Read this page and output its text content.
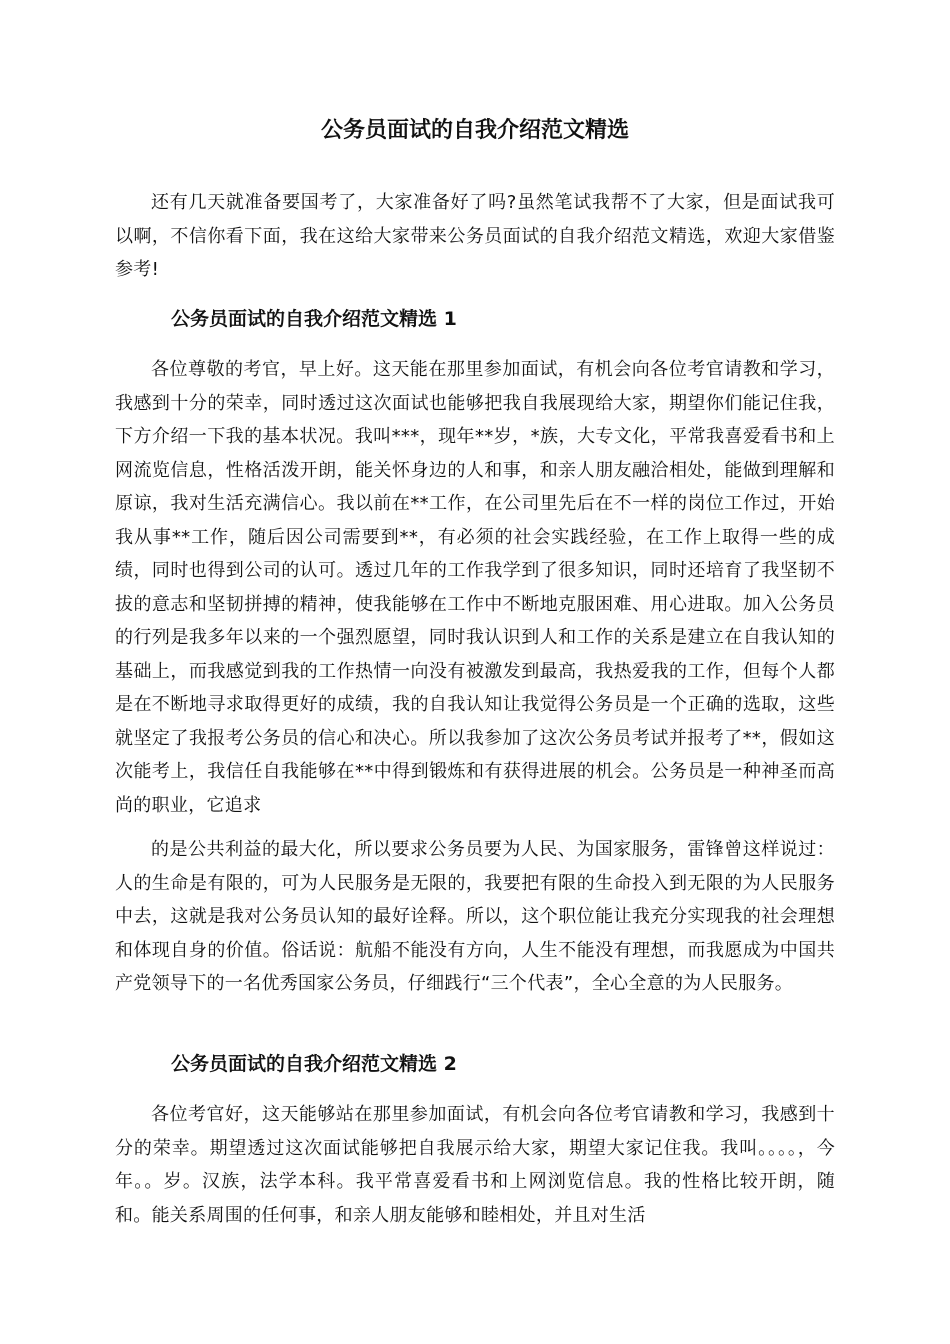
公务员面试的自我介绍范文精选

还有几天就准备要国考了，大家准备好了吗?虽然笔试我帮不了大家，但是面试我可以啊，不信你看下面，我在这给大家带来公务员面试的自我介绍范文精选，欢迎大家借鉴参考!

公务员面试的自我介绍范文精选 1

各位尊敬的考官，早上好。这天能在那里参加面试，有机会向各位考官请教和学习，我感到十分的荣幸，同时透过这次面试也能够把我自我展现给大家，期望你们能记住我，下方介绍一下我的基本状况。我叫***，现年**岁，*族，大专文化，平常我喜爱看书和上网流览信息，性格活泼开朗，能关怀身边的人和事，和亲人朋友融洽相处，能做到理解和原谅，我对生活充满信心。我以前在**工作，在公司里先后在不一样的岗位工作过，开始我从事**工作，随后因公司需要到**，有必须的社会实践经验，在工作上取得一些的成绩，同时也得到公司的认可。透过几年的工作我学到了很多知识，同时还培育了我坚韧不拔的意志和坚韧拼搏的精神，使我能够在工作中不断地克服困难、用心进取。加入公务员的行列是我多年以来的一个强烈愿望，同时我认识到人和工作的关系是建立在自我认知的基础上，而我感觉到我的工作热情一向没有被激发到最高，我热爱我的工作，但每个人都是在不断地寻求取得更好的成绩，我的自我认知让我觉得公务员是一个正确的选取，这些就坚定了我报考公务员的信心和决心。所以我参加了这次公务员考试并报考了**，假如这次能考上，我信任自我能够在**中得到锻炼和有获得进展的机会。公务员是一种神圣而高尚的职业，它追求

的是公共利益的最大化，所以要求公务员要为人民、为国家服务，雷锋曾这样说过：人的生命是有限的，可为人民服务是无限的，我要把有限的生命投入到无限的为人民服务中去，这就是我对公务员认知的最好诠释。所以，这个职位能让我充分实现我的社会理想和体现自身的价值。俗话说：航船不能没有方向，人生不能没有理想，而我愿成为中国共产党领导下的一名优秀国家公务员，仔细践行“三个代表”，全心全意的为人民服务。

公务员面试的自我介绍范文精选 2

各位考官好，这天能够站在那里参加面试，有机会向各位考官请教和学习，我感到十分的荣幸。期望透过这次面试能够把自我展示给大家，期望大家记住我。我叫。。。。，今年。。岁。汉族，法学本科。我平常喜爱看书和上网浏览信息。我的性格比较开朗，随和。能关系周围的任何事，和亲人朋友能够和睦相处，并且对生活
